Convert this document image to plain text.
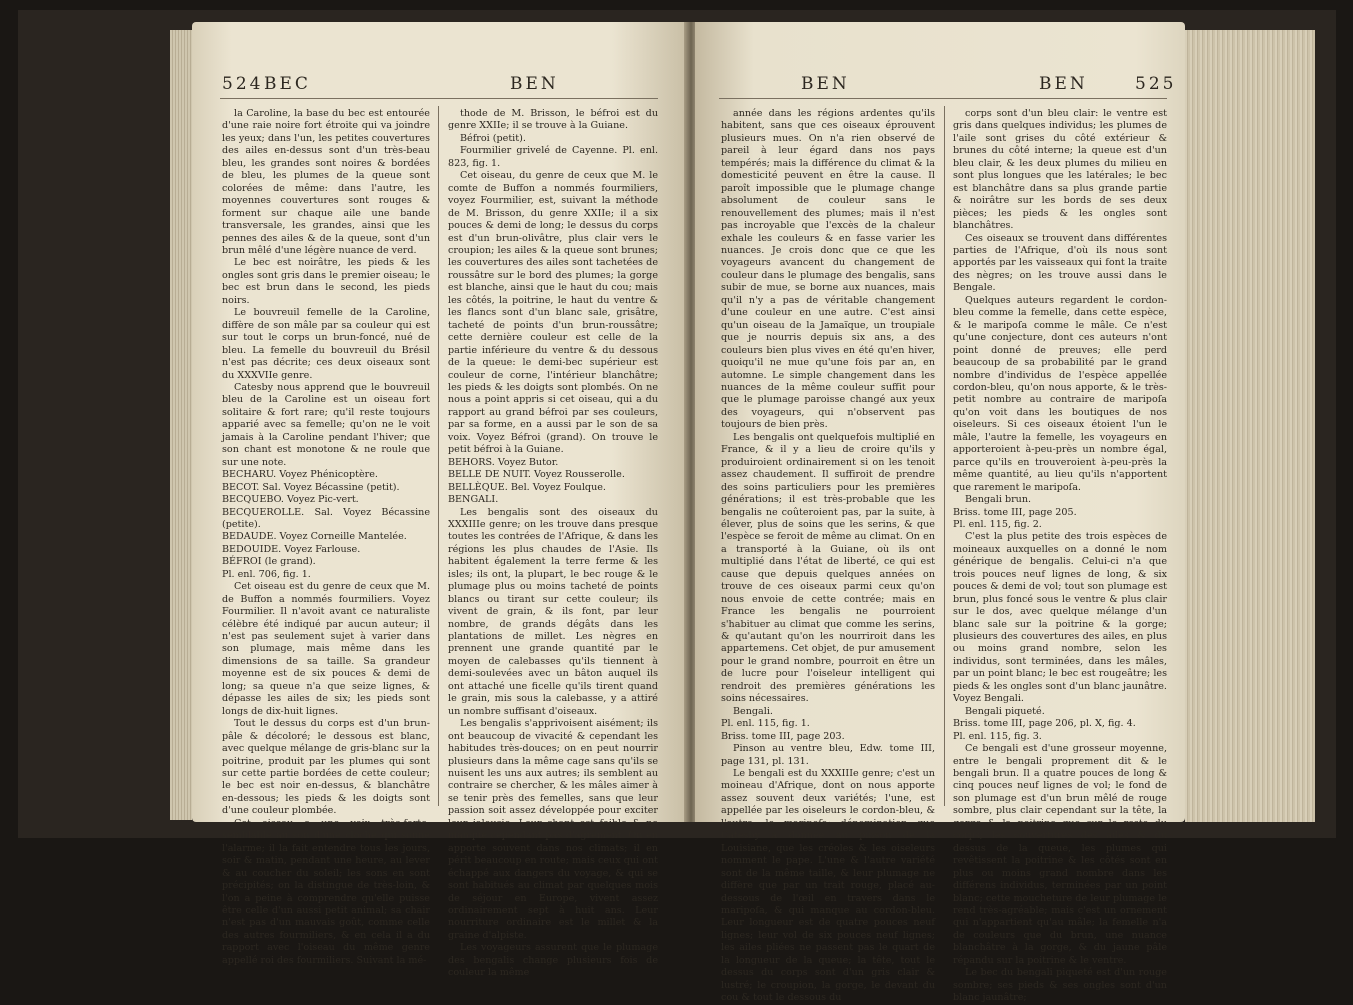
524 BEC	BEN

la Caroline, la base du bec est entourée d'une raie noire fort étroite qui va joindre les yeux; dans l'un, les petites couvertures des ailes en-dessus sont d'un très-beau bleu, les grandes sont noires & bordées de bleu, les plumes de la queue sont colorées de même: dans l'autre, les moyennes couvertures sont rouges & forment sur chaque aile une bande transversale, les grandes, ainsi que les pennes des ailes & de la queue, sont d'un brun mêlé d'une légère nuance de verd.

Le bec est noirâtre, les pieds & les ongles sont gris dans le premier oiseau; le bec est brun dans le second, les pieds noirs.

Le bouvreuil femelle de la Caroline, diffère de son mâle par sa couleur qui est sur tout le corps un brun-foncé, nué de bleu. La femelle du bouvreuil du Brésil n'est pas décrite; ces deux oiseaux sont du XXXVIIe genre.

Catesby nous apprend que le bouvreuil bleu de la Caroline est un oiseau fort solitaire & fort rare; qu'il reste toujours apparié avec sa femelle; qu'on ne le voit jamais à la Caroline pendant l'hiver; que son chant est monotone & ne roule que sur une note.

BECHARU. Voyez Phénicoptère.

BECOT. Sal. Voyez Bécassine (petit).

BECQUEBO. Voyez Pic-vert.

BECQUEROLLE. Sal. Voyez Bécassine (petite).

BEDAUDE. Voyez Corneille Mantelée.

BEDOUIDE. Voyez Farlouse.

BÉFROI (le grand).

Pl. enl. 706, fig. 1.

Cet oiseau est du genre de ceux que M. de Buffon a nommés fourmiliers. Voyez Fourmilier. Il n'avoit avant ce naturaliste célèbre été indiqué par aucun auteur; il n'est pas seulement sujet à varier dans son plumage, mais même dans les dimensions de sa taille. Sa grandeur moyenne est de six pouces & demi de long; sa queue n'a que seize lignes, & dépasse les ailes de six; les pieds sont longs de dix-huit lignes.

Tout le dessus du corps est d'un brun-pâle & décoloré; le dessous est blanc, avec quelque mélange de gris-blanc sur la poitrine, produit par les plumes qui sont sur cette partie bordées de cette couleur; le bec est noir en-dessus, & blanchâtre en-dessous; les pieds & les doigts sont d'une couleur plombée.

Cet oiseau a une voix très-forte, semblable au son d'une cloche qui sonne l'alarme; il la fait entendre tous les jours, soir & matin, pendant une heure, au lever & au coucher du soleil; les sons en sont précipités; on la distingue de très-loin, & l'on a peine à comprendre qu'elle puisse être celle d'un aussi petit animal; sa chair n'est pas d'un mauvais goût, comme celle des autres fourmiliers, & en cela il a du rapport avec l'oiseau du même genre appellé roi des fourmiliers. Suivant la mé-

thode de M. Brisson, le béfroi est du genre XXIIe; il se trouve à la Guiane.

Béfroi (petit).

Fourmilier grivelé de Cayenne. Pl. enl. 823, fig. 1.

Cet oiseau, du genre de ceux que M. le comte de Buffon a nommés fourmiliers, voyez Fourmilier, est, suivant la méthode de M. Brisson, du genre XXIIe; il a six pouces & demi de long; le dessus du corps est d'un brun-olivâtre, plus clair vers le croupion; les ailes & la queue sont brunes; les couvertures des ailes sont tachetées de roussâtre sur le bord des plumes; la gorge est blanche, ainsi que le haut du cou; mais les côtés, la poitrine, le haut du ventre & les flancs sont d'un blanc sale, grisâtre, tacheté de points d'un brun-roussâtre; cette dernière couleur est celle de la partie inférieure du ventre & du dessous de la queue: le demi-bec supérieur est couleur de corne, l'intérieur blanchâtre; les pieds & les doigts sont plombés. On ne nous a point appris si cet oiseau, qui a du rapport au grand béfroi par ses couleurs, par sa forme, en a aussi par le son de sa voix. Voyez Béfroi (grand). On trouve le petit béfroi à la Guiane.

BEHORS. Voyez Butor.

BELLE DE NUIT. Voyez Rousserolle.

BELLÈQUE. Bel. Voyez Foulque.

BENGALI.

Les bengalis sont des oiseaux du XXXIIIe genre; on les trouve dans presque toutes les contrées de l'Afrique, & dans les régions les plus chaudes de l'Asie. Ils habitent également la terre ferme & les isles; ils ont, la plupart, le bec rouge & le plumage plus ou moins tacheté de points blancs ou tirant sur cette couleur; ils vivent de grain, & ils font, par leur nombre, de grands dégâts dans les plantations de millet. Les nègres en prennent une grande quantité par le moyen de calebasses qu'ils tiennent à demi-soulevées avec un bâton auquel ils ont attaché une ficelle qu'ils tirent quand le grain, mis sous la calebasse, y a attiré un nombre suffisant d'oiseaux.

Les bengalis s'apprivoisent aisément; ils ont beaucoup de vivacité & cependant les habitudes très-douces; on en peut nourrir plusieurs dans la même cage sans qu'ils se nuisent les uns aux autres; ils semblent au contraire se chercher, & les mâles aimer à se tenir près des femelles, sans que leur passion soit assez développée pour exciter leur jalousie. Leur chant est foible & ne manque cependant pas d'agrément. On en apporte souvent dans nos climats; il en périt beaucoup en route; mais ceux qui ont échappé aux dangers du voyage, & qui se sont habitués au climat par quelques mois de séjour en Europe, vivent assez ordinairement sept à huit ans. Leur nourriture ordinaire est le millet & la graine d'alpiste.

Les voyageurs assurent que le plumage des bengalis change plusieurs fois de couleur la même

BEN	BEN	525

année dans les régions ardentes qu'ils habitent, sans que ces oiseaux éprouvent plusieurs mues. On n'a rien observé de pareil à leur égard dans nos pays tempérés; mais la différence du climat & la domesticité peuvent en être la cause. Il paroît impossible que le plumage change absolument de couleur sans le renouvellement des plumes; mais il n'est pas incroyable que l'excès de la chaleur exhale les couleurs & en fasse varier les nuances. Je crois donc que ce que les voyageurs avancent du changement de couleur dans le plumage des bengalis, sans subir de mue, se borne aux nuances, mais qu'il n'y a pas de véritable changement d'une couleur en une autre. C'est ainsi qu'un oiseau de la Jamaïque, un troupiale que je nourris depuis six ans, a des couleurs bien plus vives en été qu'en hiver, quoiqu'il ne mue qu'une fois par an, en automne. Le simple changement dans les nuances de la même couleur suffit pour que le plumage paroisse changé aux yeux des voyageurs, qui n'observent pas toujours de bien près.

Les bengalis ont quelquefois multiplié en France, & il y a lieu de croire qu'ils y produiroient ordinairement si on les tenoit assez chaudement. Il suffiroit de prendre des soins particuliers pour les premières générations; il est très-probable que les bengalis ne coûteroient pas, par la suite, à élever, plus de soins que les serins, & que l'espèce se feroit de même au climat. On en a transporté à la Guiane, où ils ont multiplié dans l'état de liberté, ce qui est cause que depuis quelques années on trouve de ces oiseaux parmi ceux qu'on nous envoie de cette contrée; mais en France les bengalis ne pourroient s'habituer au climat que comme les serins, & qu'autant qu'on les nourriroit dans les appartemens. Cet objet, de pur amusement pour le grand nombre, pourroit en être un de lucre pour l'oiseleur intelligent qui rendroit des premières générations les soins nécessaires.

Bengali.

Pl. enl. 115, fig. 1.

Briss. tome III, page 203.

Pinson au ventre bleu, Edw. tome III, page 131, pl. 131.

Le bengali est du XXXIIIe genre; c'est un moineau d'Afrique, dont on nous apporte assez souvent deux variétés; l'une, est appellée par les oiseleurs le cordon-bleu, & l'autre, le maripoſa; dénomination que Catesby a donnée au pinson de la Louisiane, que les créoles & les oiseleurs nomment le pape. L'une & l'autre variété sont de la même taille, & leur plumage ne diffère que par un trait rouge, placé au-dessous de l'œil en travers dans le maripoſa, & qui manque au cordon-bleu. Leur longueur est de quatre pouces neuf lignes; leur vol de six pouces neuf lignes; les ailes pliées ne passent pas le quart de la longueur de la queue; la tête, tout le dessus du corps sont d'un gris clair & lustré; le croupion, la gorge, le devant du cou & tout le dessous du

corps sont d'un bleu clair: le ventre est gris dans quelques individus; les plumes de l'aile sont grises du côté extérieur & brunes du côté interne; la queue est d'un bleu clair, & les deux plumes du milieu en sont plus longues que les latérales; le bec est blanchâtre dans sa plus grande partie & noirâtre sur les bords de ses deux pièces; les pieds & les ongles sont blanchâtres.

Ces oiseaux se trouvent dans différentes parties de l'Afrique, d'où ils nous sont apportés par les vaisseaux qui font la traite des nègres; on les trouve aussi dans le Bengale.

Quelques auteurs regardent le cordon-bleu comme la femelle, dans cette espèce, & le maripoſa comme le mâle. Ce n'est qu'une conjecture, dont ces auteurs n'ont point donné de preuves; elle perd beaucoup de sa probabilité par le grand nombre d'individus de l'espèce appellée cordon-bleu, qu'on nous apporte, & le très-petit nombre au contraire de maripoſa qu'on voit dans les boutiques de nos oiseleurs. Si ces oiseaux étoient l'un le mâle, l'autre la femelle, les voyageurs en apporteroient à-peu-près un nombre égal, parce qu'ils en trouveroient à-peu-près la même quantité, au lieu qu'ils n'apportent que rarement le maripoſa.

Bengali brun.

Briss. tome III, page 205.

Pl. enl. 115, fig. 2.

C'est la plus petite des trois espèces de moineaux auxquelles on a donné le nom générique de bengalis. Celui-ci n'a que trois pouces neuf lignes de long, & six pouces & demi de vol; tout son plumage est brun, plus foncé sous le ventre & plus clair sur le dos, avec quelque mélange d'un blanc sale sur la poitrine & la gorge; plusieurs des couvertures des ailes, en plus ou moins grand nombre, selon les individus, sont terminées, dans les mâles, par un point blanc; le bec est rougeâtre; les pieds & les ongles sont d'un blanc jaunâtre. Voyez Bengali.

Bengali piqueté.

Briss. tome III, page 206, pl. X, fig. 4.

Pl. enl. 115, fig. 3.

Ce bengali est d'une grosseur moyenne, entre le bengali proprement dit & le bengali brun. Il a quatre pouces de long & cinq pouces neuf lignes de vol; le fond de son plumage est d'un brun mêlé de rouge sombre, plus clair cependant sur la tête, la gorge & la poitrine que sur le reste du corps; les couvertures des ailes & du dessus de la queue, les plumes qui revêtissent la poitrine & les côtés sont en plus ou moins grand nombre dans les différens individus, terminées par un point blanc; cette moucheture de leur plumage le rend très-agréable; mais c'est un ornement qui n'appartient qu'au mâle; la femelle n'a de couleurs que du brun, une nuance blanchâtre à la gorge, & du jaune pâle répandu sur la poitrine & le ventre.

Le bec du bengali piqueté est d'un rouge sombre; ses pieds & ses ongles sont d'un blanc jaunâtre;
